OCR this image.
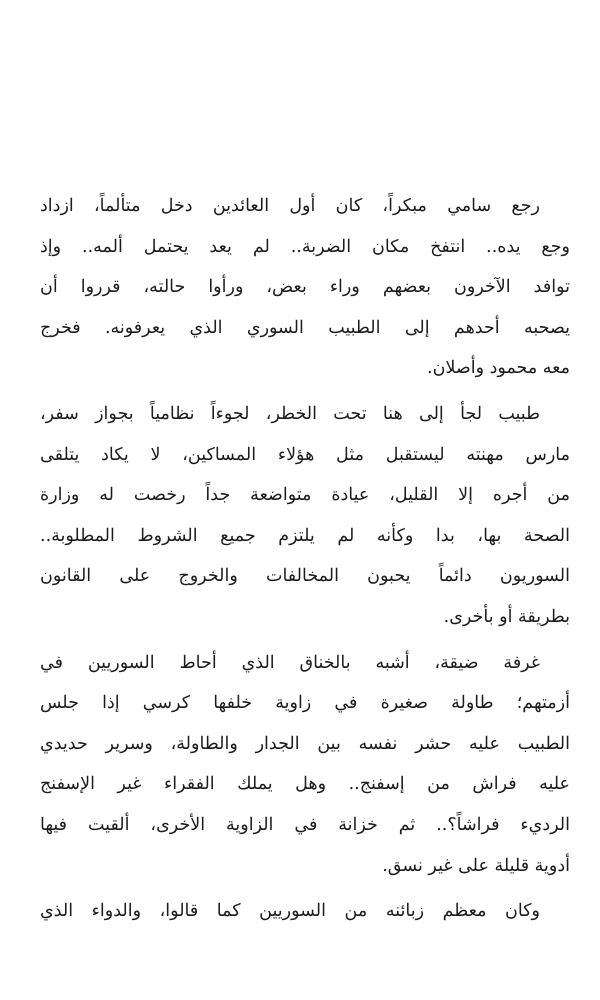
رجع سامي مبكراً، كان أول العائدين دخل متألماً، ازداد
وجع يده.. انتفخ مكان الضربة.. لم يعد يحتمل ألمه.. وإذ
توافد الآخرون بعضهم وراء بعض، ورأوا حالته، قرروا أن
يصحبه أحدهم إلى الطبيب السوري الذي يعرفونه. فخرج
معه محمود وأصلان.

طبيب لجأ إلى هنا تحت الخطر، لجوءاً نظامياً بجواز سفر،
مارس مهنته ليستقبل مثل هؤلاء المساكين، لا يكاد يتلقى
من أجره إلا القليل، عيادة متواضعة جداً رخصت له وزارة
الصحة بها، بدا وكأنه لم يلتزم جميع الشروط المطلوبة..
السوريون دائماً يحبون المخالفات والخروج على القانون
بطريقة أو بأخرى.

غرفة ضيقة، أشبه بالخناق الذي أحاط السوريين في
أزمتهم؛ طاولة صغيرة في زاوية خلفها كرسي إذا جلس
الطبيب عليه حشر نفسه بين الجدار والطاولة، وسرير حديدي
عليه فراش من إسفنج.. وهل يملك الفقراء غير الإسفنج
الرديء فراشاً؟.. ثم خزانة في الزاوية الأخرى، ألقيت فيها
أدوية قليلة على غير نسق.

وكان معظم زبائنه من السوريين كما قالوا، والدواء الذي
